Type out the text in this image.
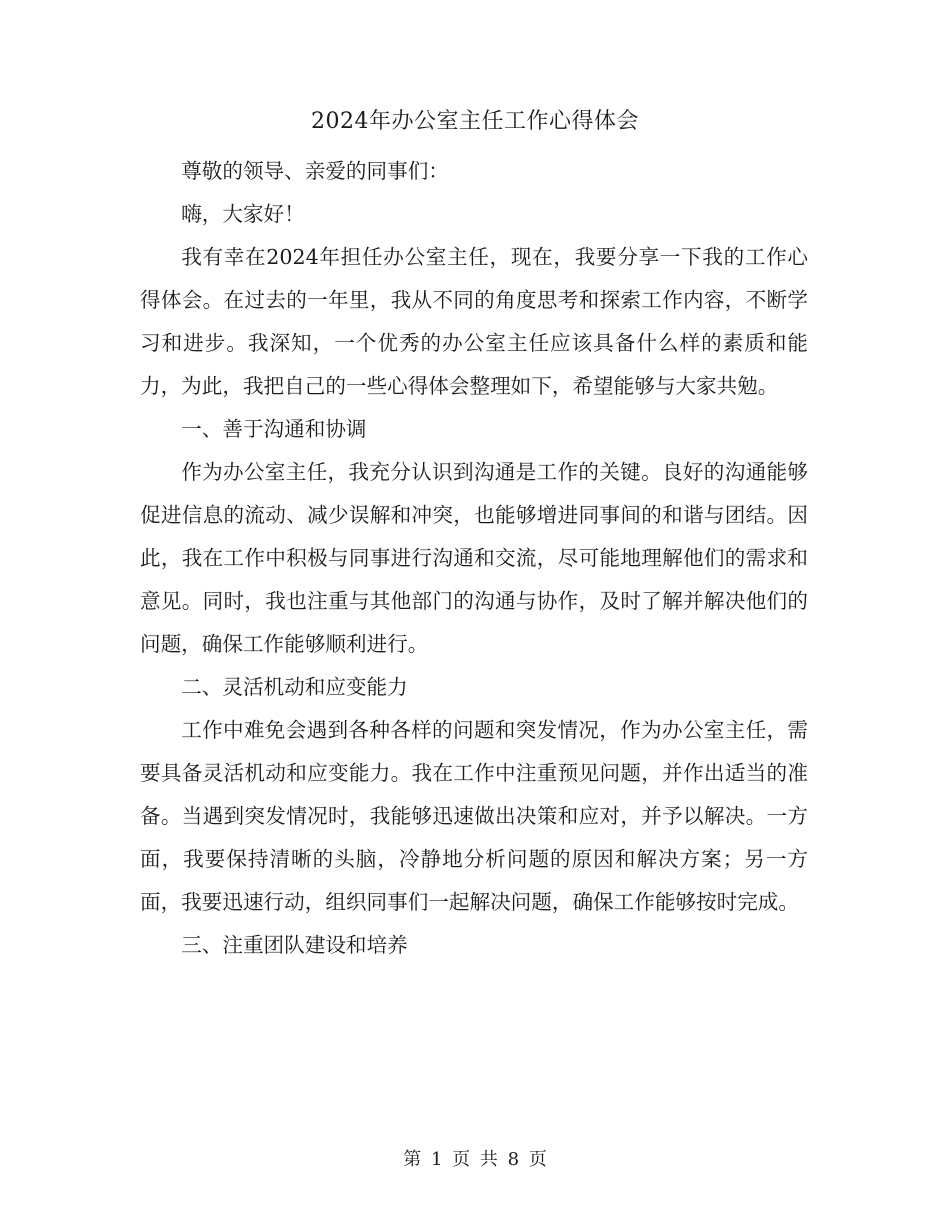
2024年办公室主任工作心得体会

尊敬的领导、亲爱的同事们：

嗨，大家好！

我有幸在2024年担任办公室主任，现在，我要分享一下我的工作心得体会。在过去的一年里，我从不同的角度思考和探索工作内容，不断学习和进步。我深知，一个优秀的办公室主任应该具备什么样的素质和能力，为此，我把自己的一些心得体会整理如下，希望能够与大家共勉。

一、善于沟通和协调

作为办公室主任，我充分认识到沟通是工作的关键。良好的沟通能够促进信息的流动、减少误解和冲突，也能够增进同事间的和谐与团结。因此，我在工作中积极与同事进行沟通和交流，尽可能地理解他们的需求和意见。同时，我也注重与其他部门的沟通与协作，及时了解并解决他们的问题，确保工作能够顺利进行。

二、灵活机动和应变能力

工作中难免会遇到各种各样的问题和突发情况，作为办公室主任，需要具备灵活机动和应变能力。我在工作中注重预见问题，并作出适当的准备。当遇到突发情况时，我能够迅速做出决策和应对，并予以解决。一方面，我要保持清晰的头脑，冷静地分析问题的原因和解决方案；另一方面，我要迅速行动，组织同事们一起解决问题，确保工作能够按时完成。

三、注重团队建设和培养

第 1 页 共 8 页
